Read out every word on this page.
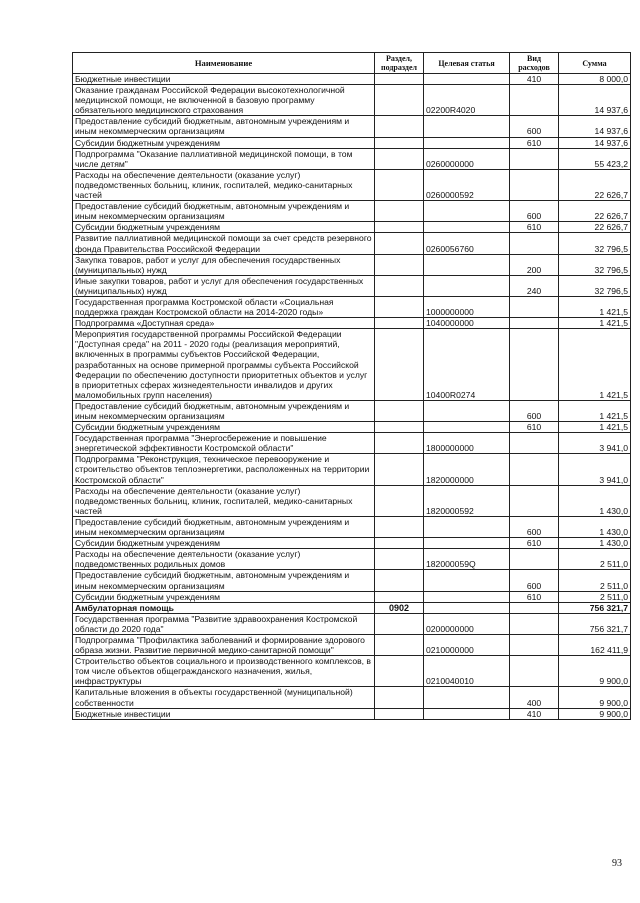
Наименование	Раздел, подраздел	Целевая статья	Вид расходов	Сумма
Бюджетные инвестиции			410	8 000,0
Оказание гражданам Российской Федерации высокотехнологичной медицинской помощи, не включенной в базовую программу обязательного медицинского страхования		02200R4020		14 937,6
Предоставление субсидий бюджетным, автономным учреждениям и иным некоммерческим организациям			600	14 937,6
Субсидии бюджетным учреждениям			610	14 937,6
Подпрограмма "Оказание паллиативной медицинской помощи, в том числе детям"		0260000000		55 423,2
Расходы на обеспечение деятельности (оказание услуг) подведомственных больниц, клиник, госпиталей, медико-санитарных частей		0260000592		22 626,7
Предоставление субсидий бюджетным, автономным учреждениям и иным некоммерческим организациям			600	22 626,7
Субсидии бюджетным учреждениям			610	22 626,7
Развитие паллиативной медицинской помощи за счет средств резервного фонда Правительства Российской Федерации		0260056760		32 796,5
Закупка товаров, работ и услуг для обеспечения государственных (муниципальных) нужд			200	32 796,5
Иные закупки товаров, работ и услуг для обеспечения государственных (муниципальных) нужд			240	32 796,5
Государственная программа Костромской области «Социальная поддержка граждан Костромской области на 2014-2020 годы»		1000000000		1 421,5
Подпрограмма «Доступная среда»		1040000000		1 421,5
Мероприятия государственной программы Российской Федерации "Доступная среда" на 2011 - 2020 годы (реализация мероприятий, включенных в программы субъектов Российской Федерации, разработанных на основе примерной программы субъекта Российской Федерации по обеспечению доступности приоритетных объектов и услуг в приоритетных сферах жизнедеятельности инвалидов и других маломобильных групп населения)		10400R0274		1 421,5
Предоставление субсидий бюджетным, автономным учреждениям и иным некоммерческим организациям			600	1 421,5
Субсидии бюджетным учреждениям			610	1 421,5
Государственная программа "Энергосбережение и повышение энергетической эффективности Костромской области"		1800000000		3 941,0
Подпрограмма "Реконструкция, техническое перевооружение и строительство объектов теплоэнергетики, расположенных на территории Костромской области"		1820000000		3 941,0
Расходы на обеспечение деятельности (оказание услуг) подведомственных больниц, клиник, госпиталей, медико-санитарных частей		1820000592		1 430,0
Предоставление субсидий бюджетным, автономным учреждениям и иным некоммерческим организациям			600	1 430,0
Субсидии бюджетным учреждениям			610	1 430,0
Расходы на обеспечение деятельности (оказание услуг) подведомственных родильных домов		182000059Q		2 511,0
Предоставление субсидий бюджетным, автономным учреждениям и иным некоммерческим организациям			600	2 511,0
Субсидии бюджетным учреждениям			610	2 511,0
Амбулаторная помощь	0902			756 321,7
Государственная программа "Развитие здравоохранения Костромской области до 2020 года"		0200000000		756 321,7
Подпрограмма "Профилактика заболеваний и формирование здорового образа жизни. Развитие первичной медико-санитарной помощи"		0210000000		162 411,9
Строительство объектов социального и производственного комплексов, в том числе объектов общегражданского назначения, жилья, инфраструктуры		0210040010		9 900,0
Капитальные вложения в объекты государственной (муниципальной) собственности			400	9 900,0
Бюджетные инвестиции			410	9 900,0
93
